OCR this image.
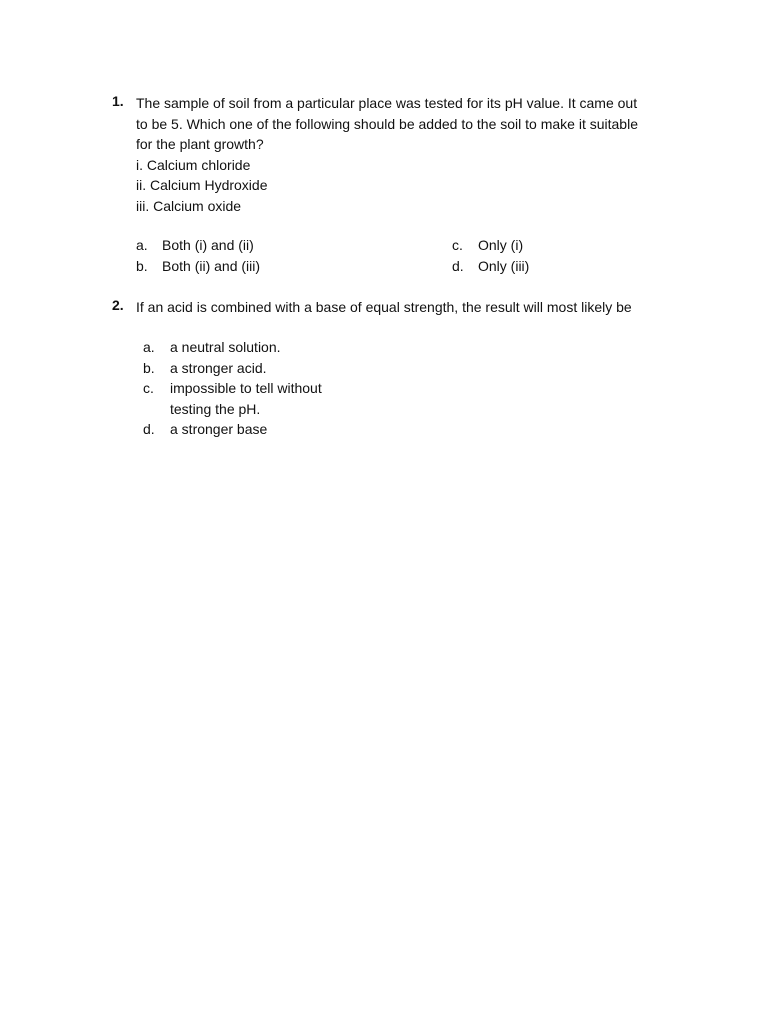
1. The sample of soil from a particular place was tested for its pH value. It came out
to be 5. Which one of the following should be added to the soil to make it suitable
for the plant growth?
i. Calcium chloride
ii. Calcium Hydroxide
iii. Calcium oxide
a. Both (i) and (ii)
b. Both (ii) and (iii)
c. Only (i)
d. Only (iii)
2. If an acid is combined with a base of equal strength, the result will most likely be
a.	a neutral solution.
b.	a stronger acid.
c.	impossible to tell without testing the pH.
d.	a stronger base
